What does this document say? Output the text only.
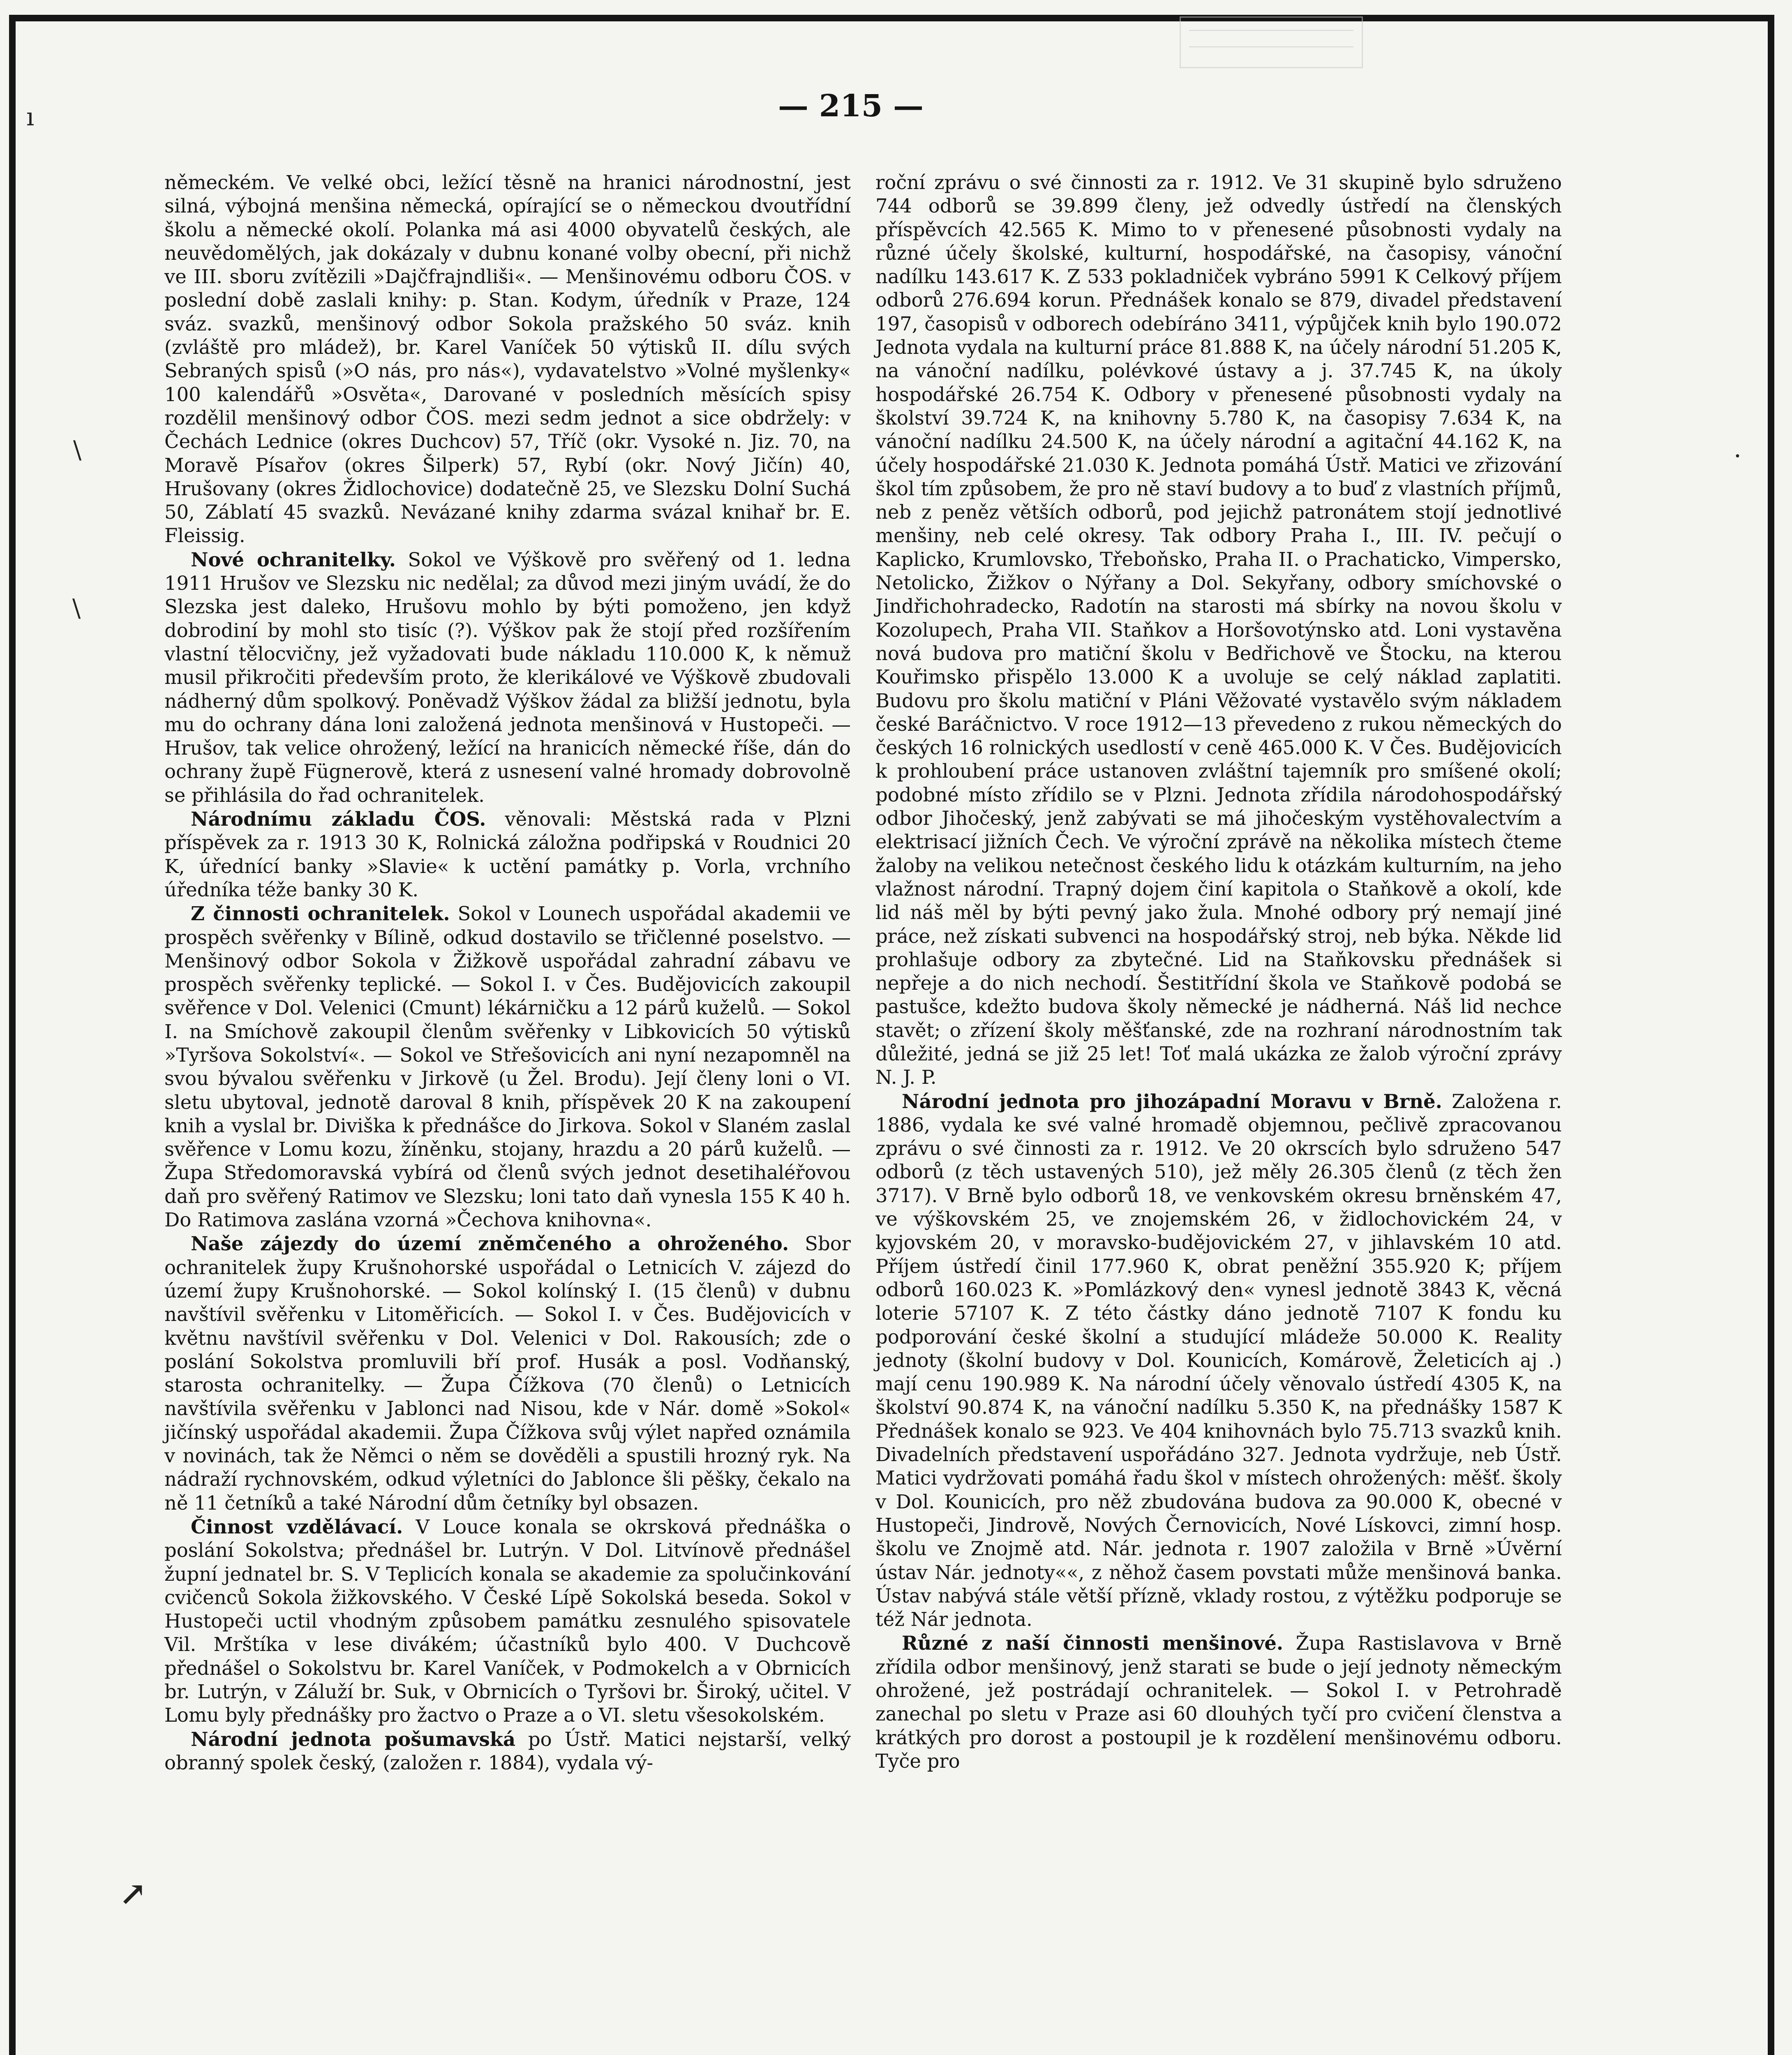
ı
\
\
↗
·
— 215 —

německém. Ve velké obci, ležící těsně na hranici národnostní, jest silná, výbojná menšina německá, opírající se o německou dvoutřídní školu a německé okolí. Polanka má asi 4000 obyvatelů českých, ale neuvědomělých, jak dokázaly v dubnu konané volby obecní, při nichž ve III. sboru zvítězili »Dajčfrajndliši«. — Menšinovému odboru ČOS. v poslední době zaslali knihy: p. Stan. Kodym, úředník v Praze, 124 sváz. svazků, menšinový odbor Sokola pražského 50 sváz. knih (zvláště pro mládež), br. Karel Vaníček 50 výtisků II. dílu svých Sebraných spisů (»O nás, pro nás«), vydavatelstvo »Volné myšlenky« 100 kalendářů »Osvěta«, Darované v posledních měsících spisy rozdělil menšinový odbor ČOS. mezi sedm jednot a sice obdržely: v Čechách Lednice (okres Duchcov) 57, Tříč (okr. Vysoké n. Jiz. 70, na Moravě Písařov (okres Šilperk) 57, Rybí (okr. Nový Jičín) 40, Hrušovany (okres Židlochovice) dodatečně 25, ve Slezsku Dolní Suchá 50, Záblatí 45 svazků. Nevázané knihy zdarma svázal knihař br. E. Fleissig.

Nové ochranitelky. Sokol ve Výškově pro svěřený od 1. ledna 1911 Hrušov ve Slezsku nic nedělal; za důvod mezi jiným uvádí, že do Slezska jest daleko, Hrušovu mohlo by býti pomoženo, jen když dobrodiní by mohl sto tisíc (?). Výškov pak že stojí před rozšířením vlastní tělocvičny, jež vyžadovati bude nákladu 110.000 K, k němuž musil přikročiti především proto, že klerikálové ve Výškově zbudovali nádherný dům spolkový. Poněvadž Výškov žádal za bližší jednotu, byla mu do ochrany dána loni založená jednota menšinová v Hustopeči. — Hrušov, tak velice ohrožený, ležící na hranicích německé říše, dán do ochrany župě Fügnerově, která z usnesení valné hromady dobrovolně se přihlásila do řad ochranitelek.

Národnímu základu ČOS. věnovali: Městská rada v Plzni příspěvek za r. 1913 30 K, Rolnická záložna podřipská v Roudnici 20 K, úřednící banky »Slavie« k uctění památky p. Vorla, vrchního úředníka téže banky 30 K.

Z činnosti ochranitelek. Sokol v Lounech uspořádal akademii ve prospěch svěřenky v Bílině, odkud dostavilo se třičlenné poselstvo. — Menšinový odbor Sokola v Žižkově uspořádal zahradní zábavu ve prospěch svěřenky teplické. — Sokol I. v Čes. Budějovicích zakoupil svěřence v Dol. Velenici (Cmunt) lékárničku a 12 párů kuželů. — Sokol I. na Smíchově zakoupil členům svěřenky v Libkovicích 50 výtisků »Tyršova Sokolství«. — Sokol ve Střešovicích ani nyní nezapomněl na svou bývalou svěřenku v Jirkově (u Žel. Brodu). Její členy loni o VI. sletu ubytoval, jednotě daroval 8 knih, příspěvek 20 K na zakoupení knih a vyslal br. Diviška k přednášce do Jirkova. Sokol v Slaném zaslal svěřence v Lomu kozu, žíněnku, stojany, hrazdu a 20 párů kuželů. — Župa Středomoravská vybírá od členů svých jednot desetihaléřovou daň pro svěřený Ratimov ve Slezsku; loni tato daň vynesla 155 K 40 h. Do Ratimova zaslána vzorná »Čechova knihovna«.

Naše zájezdy do území zněmčeného a ohroženého. Sbor ochranitelek župy Krušnohorské uspořádal o Letnicích V. zájezd do území župy Krušnohorské. — Sokol kolínský I. (15 členů) v dubnu navštívil svěřenku v Litoměřicích. — Sokol I. v Čes. Budějovicích v květnu navštívil svěřenku v Dol. Velenici v Dol. Rakousích; zde o poslání Sokolstva promluvili bří prof. Husák a posl. Vodňanský, starosta ochranitelky. — Župa Čížkova (70 členů) o Letnicích navštívila svěřenku v Jablonci nad Nisou, kde v Nár. domě »Sokol« jičínský uspořádal akademii. Župa Čížkova svůj výlet napřed oznámila v novinách, tak že Němci o něm se dověděli a spustili hrozný ryk. Na nádraží rychnovském, odkud výletníci do Jablonce šli pěšky, čekalo na ně 11 četníků a také Národní dům četníky byl obsazen.

Činnost vzdělávací. V Louce konala se okrsková přednáška o poslání Sokolstva; přednášel br. Lutrýn. V Dol. Litvínově přednášel župní jednatel br. S. V Teplicích konala se akademie za spolučinkování cvičenců Sokola žižkovského. V České Lípě Sokolská beseda. Sokol v Hustopeči uctil vhodným způsobem památku zesnulého spisovatele Vil. Mrštíka v lese divákém; účastníků bylo 400. V Duchcově přednášel o Sokolstvu br. Karel Vaníček, v Podmokelch a v Obrnicích br. Lutrýn, v Záluží br. Suk, v Obrnicích o Tyršovi br. Široký, učitel. V Lomu byly přednášky pro žactvo o Praze a o VI. sletu všesokolském.

Národní jednota pošumavská po Ústř. Matici nejstarší, velký obranný spolek český, (založen r. 1884), vydala vý-

roční zprávu o své činnosti za r. 1912. Ve 31 skupině bylo sdruženo 744 odborů se 39.899 členy, jež odvedly ústředí na členských příspěvcích 42.565 K. Mimo to v přenesené působnosti vydaly na různé účely školské, kulturní, hospodářské, na časopisy, vánoční nadílku 143.617 K. Z 533 pokladniček vybráno 5991 K Celkový příjem odborů 276.694 korun. Přednášek konalo se 879, divadel představení 197, časopisů v odborech odebíráno 3411, výpůjček knih bylo 190.072 Jednota vydala na kulturní práce 81.888 K, na účely národní 51.205 K, na vánoční nadílku, polévkové ústavy a j. 37.745 K, na úkoly hospodářské 26.754 K. Odbory v přenesené působnosti vydaly na školství 39.724 K, na knihovny 5.780 K, na časopisy 7.634 K, na vánoční nadílku 24.500 K, na účely národní a agitační 44.162 K, na účely hospodářské 21.030 K. Jednota pomáhá Ústř. Matici ve zřizování škol tím způsobem, že pro ně staví budovy a to buď z vlastních příjmů, neb z peněz větších odborů, pod jejichž patronátem stojí jednotlivé menšiny, neb celé okresy. Tak odbory Praha I., III. IV. pečují o Kaplicko, Krumlovsko, Třeboňsko, Praha II. o Prachaticko, Vimpersko, Netolicko, Žižkov o Nýřany a Dol. Sekyřany, odbory smíchovské o Jindřichohradecko, Radotín na starosti má sbírky na novou školu v Kozolupech, Praha VII. Staňkov a Horšovotýnsko atd. Loni vystavěna nová budova pro matiční školu v Bedřichově ve Štocku, na kterou Kouřimsko přispělo 13.000 K a uvoluje se celý náklad zaplatiti. Budovu pro školu matiční v Pláni Věžovaté vystavělo svým nákladem české Baráčnictvo. V roce 1912—13 převedeno z rukou německých do českých 16 rolnických usedlostí v ceně 465.000 K. V Čes. Budějovicích k prohloubení práce ustanoven zvláštní tajemník pro smíšené okolí; podobné místo zřídilo se v Plzni. Jednota zřídila národohospodářský odbor Jihočeský, jenž zabývati se má jihočeským vystěhovalectvím a elektrisací jižních Čech. Ve výroční zprávě na několika místech čteme žaloby na velikou netečnost českého lidu k otázkám kulturním, na jeho vlažnost národní. Trapný dojem činí kapitola o Staňkově a okolí, kde lid náš měl by býti pevný jako žula. Mnohé odbory prý nemají jiné práce, než získati subvenci na hospodářský stroj, neb býka. Někde lid prohlašuje odbory za zbytečné. Lid na Staňkovsku přednášek si nepřeje a do nich nechodí. Šestitřídní škola ve Staňkově podobá se pastušce, kdežto budova školy německé je nádherná. Náš lid nechce stavět; o zřízení školy měšťanské, zde na rozhraní národnostním tak důležité, jedná se již 25 let! Toť malá ukázka ze žalob výroční zprávy N. J. P.

Národní jednota pro jihozápadní Moravu v Brně. Založena r. 1886, vydala ke své valné hromadě objemnou, pečlivě zpracovanou zprávu o své činnosti za r. 1912. Ve 20 okrscích bylo sdruženo 547 odborů (z těch ustavených 510), jež měly 26.305 členů (z těch žen 3717). V Brně bylo odborů 18, ve venkovském okresu brněnském 47, ve výškovském 25, ve znojemském 26, v židlochovickém 24, v kyjovském 20, v moravsko-budějovickém 27, v jihlavském 10 atd. Příjem ústředí činil 177.960 K, obrat peněžní 355.920 K; příjem odborů 160.023 K. »Pomlázkový den« vynesl jednotě 3843 K, věcná loterie 57107 K. Z této částky dáno jednotě 7107 K fondu ku podporování české školní a studující mládeže 50.000 K. Reality jednoty (školní budovy v Dol. Kounicích, Komárově, Želeticích aj .) mají cenu 190.989 K. Na národní účely věnovalo ústředí 4305 K, na školství 90.874 K, na vánoční nadílku 5.350 K, na přednášky 1587 K Přednášek konalo se 923. Ve 404 knihovnách bylo 75.713 svazků knih. Divadelních představení uspořádáno 327. Jednota vydržuje, neb Ústř. Matici vydržovati pomáhá řadu škol v místech ohrožených: měšť. školy v Dol. Kounicích, pro něž zbudována budova za 90.000 K, obecné v Hustopeči, Jindrově, Nových Černovicích, Nové Lískovci, zimní hosp. školu ve Znojmě atd. Nár. jednota r. 1907 založila v Brně »Úvěrní ústav Nár. jednoty««, z něhož časem povstati může menšinová banka. Ústav nabývá stále větší přízně, vklady rostou, z výtěžku podporuje se též Nár jednota.

Různé z naší činnosti menšinové. Župa Rastislavova v Brně zřídila odbor menšinový, jenž starati se bude o její jednoty německým ohrožené, jež postrádají ochranitelek. — Sokol I. v Petrohradě zanechal po sletu v Praze asi 60 dlouhých tyčí pro cvičení členstva a krátkých pro dorost a postoupil je k rozdělení menšinovému odboru. Tyče pro
